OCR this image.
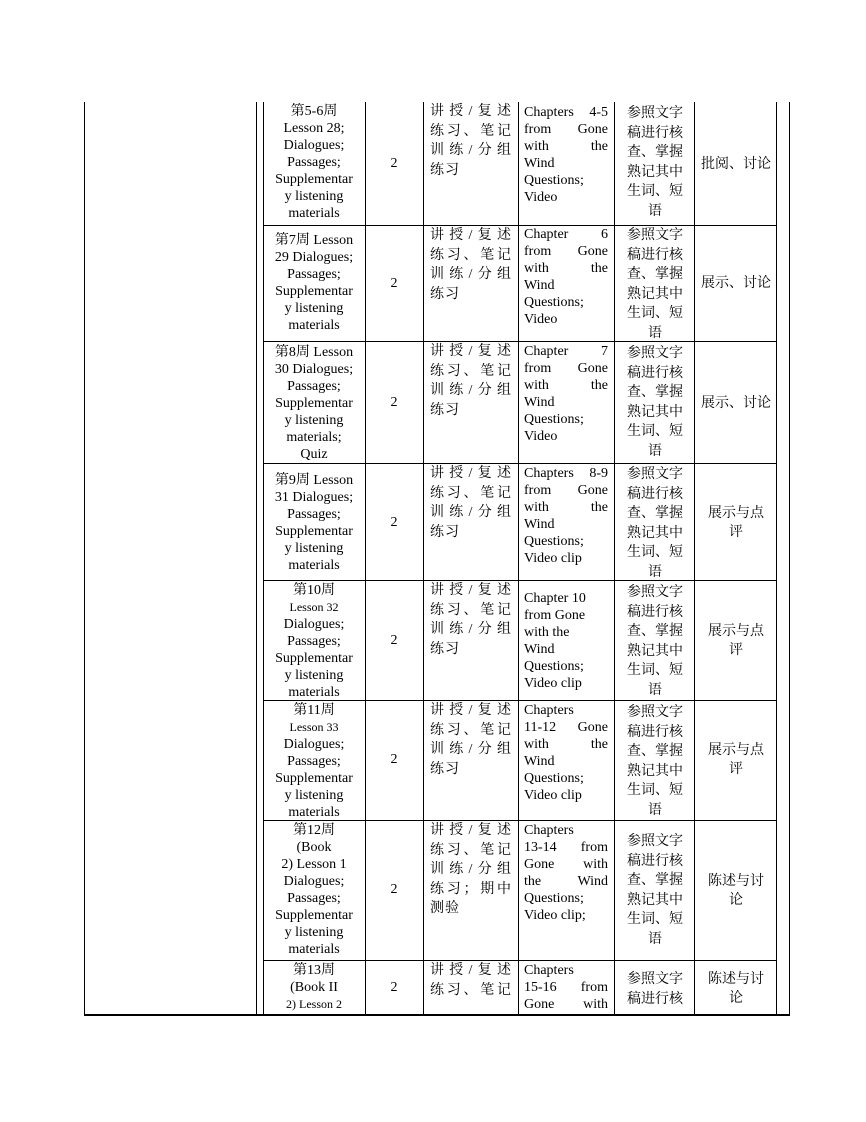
第5-6周
Lesson 28;
Dialogues;
Passages;
Supplementar
y listening
materials
2
讲授/复述
练习、笔记
训练/分组

练习
Chapters 4-5
from Gone
with the
Wind
Questions;
Video
参照文字
稿进行核
查、掌握
熟记其中
生词、短
语
批阅、讨论
第7周 Lesson
29 Dialogues;
Passages;
Supplementar
y listening
materials
2
讲授/复述
练习、笔记
训练/分组

练习
Chapter 6
from Gone
with the
Wind
Questions;
Video
参照文字
稿进行核
查、掌握
熟记其中
生词、短
语
展示、讨论
第8周 Lesson
30 Dialogues;
Passages;
Supplementar
y listening
materials;
Quiz
2
讲授/复述
练习、笔记
训练/分组

练习
Chapter 7
from Gone
with the
Wind
Questions;
Video
参照文字
稿进行核
查、掌握
熟记其中
生词、短
语
展示、讨论
第9周 Lesson
31 Dialogues;
Passages;
Supplementar
y listening
materials
2
讲授/复述
练习、笔记
训练/分组

练习
Chapters 8-9
from Gone
with the
Wind
Questions;
Video clip
参照文字
稿进行核
查、掌握
熟记其中
生词、短
语
展示与点
评
第10周
Lesson 32
Dialogues;
Passages;
Supplementar
y listening
materials
2
讲授/复述
练习、笔记
训练/分组

练习
Chapter 10
from Gone
with the
Wind
Questions;
Video clip
参照文字
稿进行核
查、掌握
熟记其中
生词、短
语
展示与点
评
第11周
Lesson 33
Dialogues;
Passages;
Supplementar
y listening
materials
2
讲授/复述
练习、笔记
训练/分组

练习
Chapters
11-12 Gone
with the
Wind
Questions;
Video clip
参照文字
稿进行核
查、掌握
熟记其中
生词、短
语
展示与点
评
第12周
(Book
2) Lesson 1
Dialogues;
Passages;
Supplementar
y listening
materials
2
讲授/复述
练习、笔记
训练/分组
练习；期中

测验
Chapters
13-14 from
Gone with
the Wind
Questions;
Video clip;
参照文字
稿进行核
查、掌握
熟记其中
生词、短
语
陈述与讨
论
第13周
(Book II
2) Lesson 2
2
讲授/复述
练习、笔记
Chapters
15-16 from
Gone with
参照文字
稿进行核
陈述与讨
论
